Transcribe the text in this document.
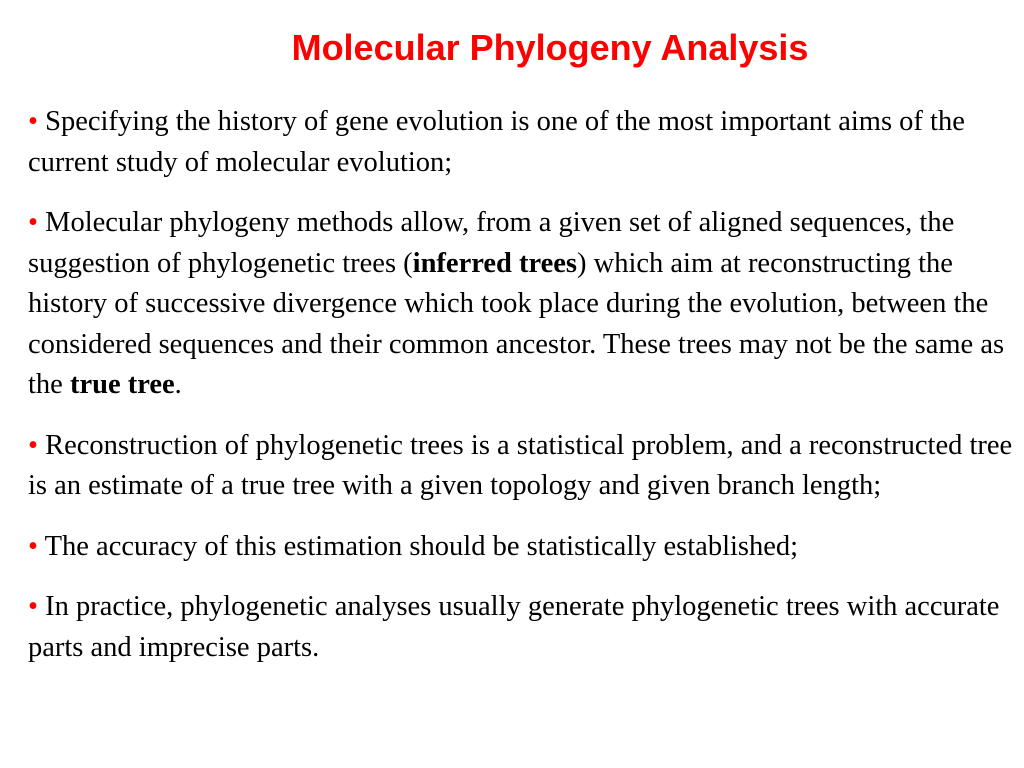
Molecular Phylogeny Analysis
• Specifying the history of gene evolution is one of the most important aims of the current study of molecular evolution;
• Molecular phylogeny methods allow, from a given set of aligned sequences, the suggestion of phylogenetic trees (inferred trees) which aim at reconstructing the history of successive divergence which took place during the evolution, between the considered sequences and their common ancestor. These trees may not be the same as the true tree.
• Reconstruction of phylogenetic trees is a statistical problem, and a reconstructed tree is an estimate of a true tree with a given topology and given branch length;
• The accuracy of this estimation should be statistically established;
• In practice, phylogenetic analyses usually generate phylogenetic trees with accurate parts and imprecise parts.
